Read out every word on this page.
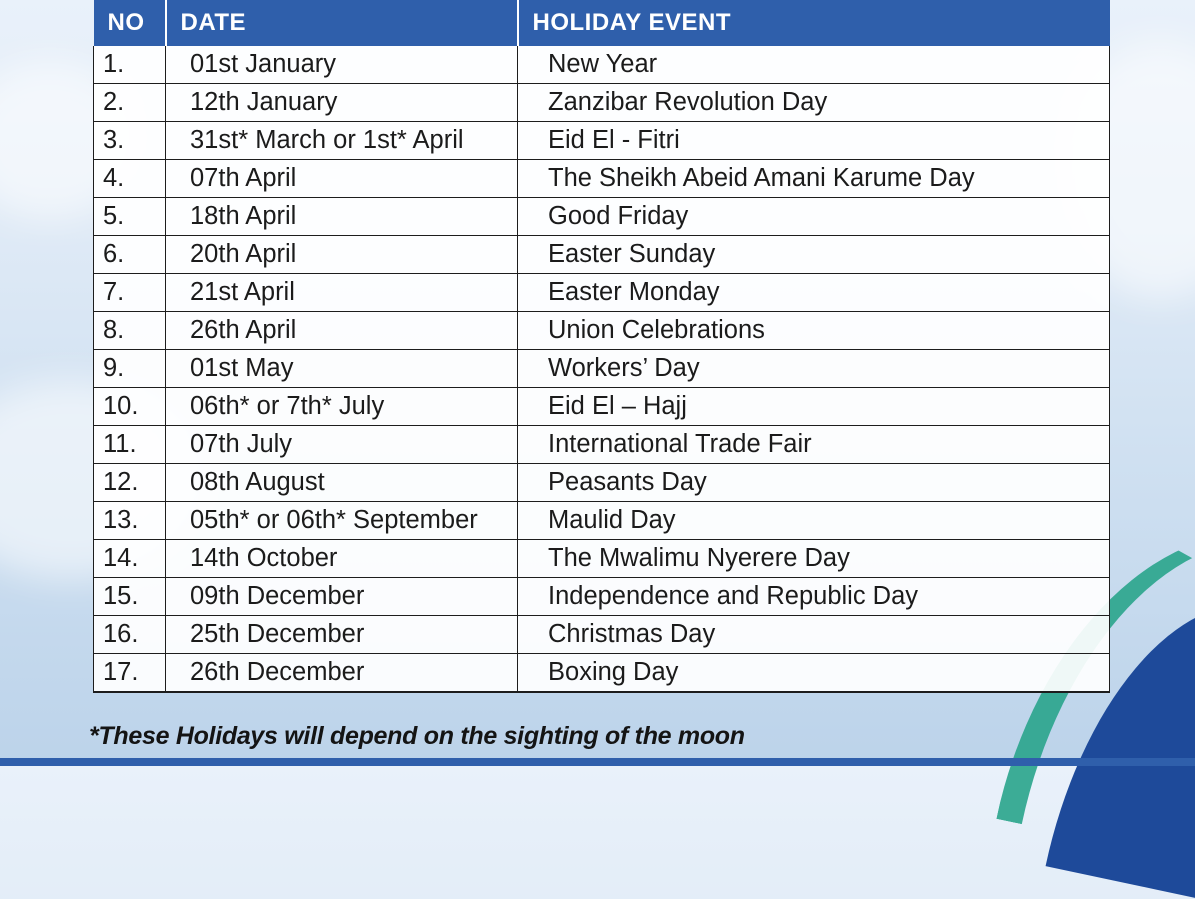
NO	DATE	HOLIDAY EVENT
1.	01st January	New Year
2.	12th January	Zanzibar Revolution Day
3.	31st* March or 1st* April	Eid El - Fitri
4.	07th April	The Sheikh Abeid Amani Karume Day
5.	18th April	Good Friday
6.	20th April	Easter Sunday
7.	21st April	Easter Monday
8.	26th April	Union Celebrations
9.	01st May	Workers’ Day
10.	06th* or 7th* July	Eid El – Hajj
11.	07th July	International Trade Fair
12.	08th August	Peasants Day
13.	05th* or 06th* September	Maulid Day
14.	14th October	The Mwalimu Nyerere Day
15.	09th December	Independence and Republic Day
16.	25th December	Christmas Day
17.	26th December	Boxing Day
*These Holidays will depend on the sighting of the moon
